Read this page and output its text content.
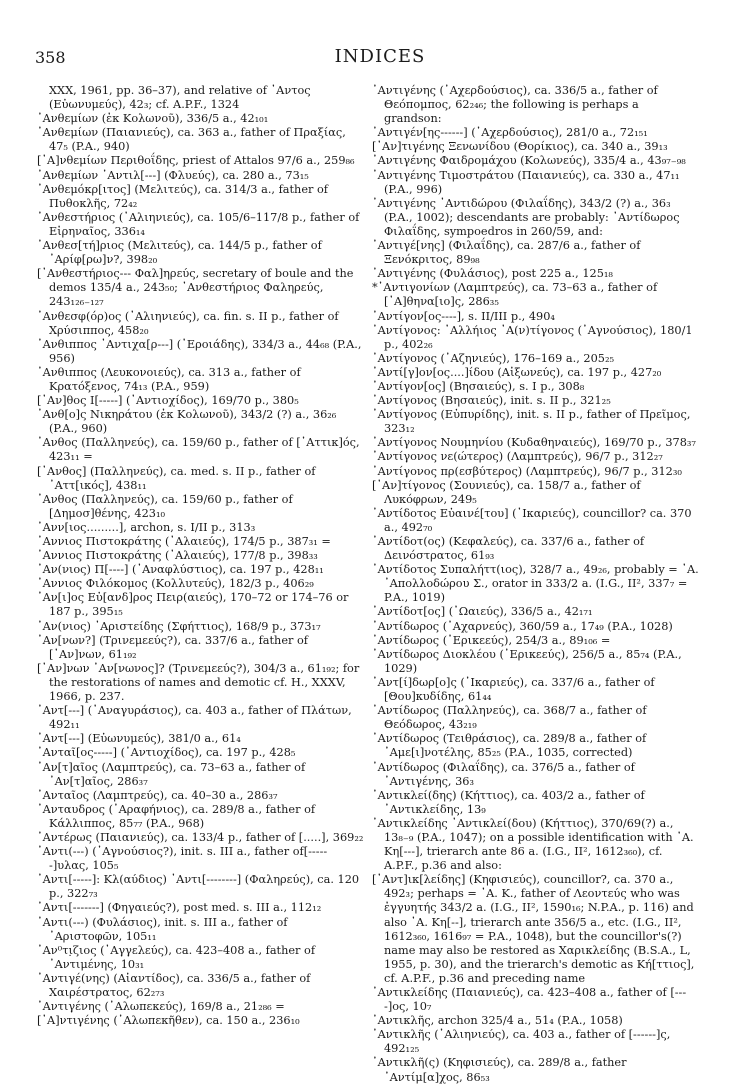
358	INDICES

XXX, 1961, pp. 36–37), and relative of ᾽Αντος (Εὐωνυμεύς), 42₃; cf. A.P.F., 1324

᾽Ανθεμίων (ἐκ Κολωνοῦ), 336/5 a., 42₁₀₁

᾽Ανθεμίων (Παιανιεύς), ca. 363 a., father of Πραξίας, 47₅ (P.A., 940)

[᾽Α]νθεμίων Περιθοΐδης, priest of Attalos 97/6 a., 259₈₆

᾽Ανθεμίων ᾽Αντιλ[---] (Φλυεύς), ca. 280 a., 73₁₅

᾽Ανθεμόκρ[ιτος] (Μελιτεύς), ca. 314/3 a., father of Πυθοκλῆς, 72₄₂

᾽Ανθεστήριος (᾽Αλιηνιεύς), ca. 105/6–117/8 p., father of Εἰρηναῖος, 336₁₄

᾽Ανθεσ[τή]ριος (Μελιτεύς), ca. 144/5 p., father of ᾽Αρίφ[ρω]ν?, 398₂₀

[᾽Ανθεστήριος--- Φαλ]ηρεύς, secretary of boule and the demos 135/4 a., 243₅₀; ᾽Ανθεστήριος Φαληρεύς, 243₁₂₆₋₁₂₇

᾽Ανθεσφ(όρ)ος (᾽Αλιηνιεύς), ca. fin. s. II p., father of Χρύσιππος, 458₂₀

᾽Ανθιππος ᾽Αντιχα[ρ---] (᾽Εροιάδης), 334/3 a., 44₆₈ (P.A., 956)

᾽Ανθιππος (Λευκονοιεύς), ca. 313 a., father of Κρατόξενος, 74₁₃ (P.A., 959)

[᾽Αν]θος Ι[-----] (᾽Αντιοχίδος), 169/70 p., 380₅

᾽Ανθ[ο]ς Νικηράτου (ἐκ Κολωνοῦ), 343/2 (?) a., 36₂₆ (P.A., 960)

᾽Ανθος (Παλληνεύς), ca. 159/60 p., father of [᾽Αττικ]ός, 423₁₁ =

[᾽Ανθος] (Παλληνεύς), ca. med. s. II p., father of ᾽Αττ[ικός], 438₁₁

᾽Ανθος (Παλληνεύς), ca. 159/60 p., father of [Δημοσ]θένης, 423₁₀

᾽Ανν[ιος.........], archon, s. I/II p., 313₃

᾽Αννιος Πιστοκράτης (᾽Αλαιεύς), 174/5 p., 387₃₁ =

᾽Αννιος Πιστοκράτης (᾽Αλαιεύς), 177/8 p., 398₃₃

᾽Αν(νιος) Π[----] (᾽Αναφλύστιος), ca. 197 p., 428₁₁

᾽Αννιος Φιλόκομος (Κολλυτεύς), 182/3 p., 406₂₉

᾽Αν[ι]ος Εὐ[ανδ]ρος Πειρ(αιεύς), 170–72 or 174–76 or 187 p., 395₁₅

᾽Αν(νιος) ᾽Αριστείδης (Σφήττιος), 168/9 p., 373₁₇

᾽Αν[νων?] (Τρινεμεεύς?), ca. 337/6 a., father of [᾽Αν]νων, 61₁₉₂

[᾽Αν]νων ᾽Αν[νωνος]? (Τρινεμεεύς?), 304/3 a., 61₁₉₂; for the restorations of names and demotic cf. H., XXXV, 1966, p. 237.

᾽Αντ[---] (᾽Αναγυράσιος), ca. 403 a., father of Πλάτων, 492₁₁

᾽Αντ[---] (Εὐωνυμεύς), 381/0 a., 61₄

᾽Ανταῖ[ος-----] (᾽Αντιοχίδος), ca. 197 p., 428₅

᾽Αν[τ]αῖος (Λαμπτρεύς), ca. 73–63 a., father of ᾽Αν[τ]αῖος, 286₃₇

᾽Ανταῖος (Λαμπτρεύς), ca. 40–30 a., 286₃₇

᾽Ανταυδρος (᾽Αραφήνιος), ca. 289/8 a., father of Κάλλιππος, 85₇₇ (P.A., 968)

᾽Αντέρως (Παιανιεύς), ca. 133/4 p., father of [.....], 369₂₂

᾽Αντι(---) (᾽Αγνούσιος?), init. s. III a., father of[------]υλας, 105₅

᾽Αντι[-----]: Κλ(αύδιος) ᾽Αντι[--------] (Φαληρεύς), ca. 120 p., 322₇₃

᾽Αντι[-------] (Φηγαιεύς?), post med. s. III a., 112₁₂

᾽Αντι(---) (Φυλάσιος), init. s. III a., father of ᾽Αριστοφῶν, 105₁₁

᾽Αν⁰τι̣ζιος (᾽Αγγελεύς), ca. 423–408 a., father of ᾽Αντιμένης, 10₃₁

᾽Αντιγέ(νης) (Αἰαντίδος), ca. 336/5 a., father of Χαιρέστρατος, 62₂₇₃

᾽Αντιγένης (᾽Αλωπεκεύς), 169/8 a., 21₂₈₆ =

[᾽Α]ντιγένης (᾽Αλωπεκῆθεν), ca. 150 a., 236₁₀

᾽Αντιγένης (᾽Αχερδούσιος), ca. 336/5 a., father of Θεόπομπος, 62₂₄₆; the following is perhaps a grandson:

᾽Αντιγέν[ης------] (᾽Αχερδούσιος), 281/0 a., 72₁₅₁

[᾽Αν]τιγένης Ξενωνίδου (Θορίκιος), ca. 340 a., 39₁₃

᾽Αντιγένης Φαιδρομάχου (Κολωνεύς), 335/4 a., 43₉₇₋₉₈

᾽Αντιγένης Τιμοστράτου (Παιανιεύς), ca. 330 a., 47₁₁ (P.A., 996)

᾽Αντιγένης ᾽Αντιδώρου (Φιλαΐδης), 343/2 (?) a., 36₃ (P.A., 1002); descendants are probably: ᾽Αντίδωρος Φιλαΐδης, sympoedros in 260/59, and:

᾽Αντιγέ[νης] (Φιλαΐδης), ca. 287/6 a., father of Ξενόκριτος, 89₉₈

᾽Αντιγένης (Φυλάσιος), post 225 a., 125₁₈

*᾽Αντιγονίων (Λαμπτρεύς), ca. 73–63 a., father of [᾽Α]θηνα[ιο]ς, 286₃₅

᾽Αντίγον[ος----], s. II/III p., 490₄

᾽Αντίγονος: ᾽Αλλήιος ᾽Α(ν)τίγονος (᾽Αγνούσιος), 180/1 p., 402₂₆

᾽Αντίγονος (᾽Αζηνιεύς), 176–169 a., 205₂₅

᾽Αντί[γ]ον[ος....]ίδου (Αἰξωνεύς), ca. 197 p., 427₂₀

᾽Αντίγον[ος] (Βησαιεύς), s. I p., 308₈

᾽Αντίγονος (Βησαιεύς), init. s. II p., 321₂₅

᾽Αντίγονος (Εὐπυρίδης), init. s. II p., father of Πρεῖμος, 323₁₂

᾽Αντίγονος Νουμηνίου (Κυδαθηναιεύς), 169/70 p., 378₃₇

᾽Αντίγονος νε(ώτερος) (Λαμπτρεύς), 96/7 p., 312₂₇

᾽Αντίγονος πρ(εσβύτερος) (Λαμπτρεύς), 96/7 p., 312₃₀

[᾽Αν]τίγονος (Σουνιεύς), ca. 158/7 a., father of Λυκόφρων, 249₅

᾽Αντίδοτος Εὐαινέ[του] (᾽Ικαριεύς), councillor? ca. 370 a., 492₇₀

᾽Αντίδοτ(ος) (Κεφαλεύς), ca. 337/6 a., father of Δεινόστρατος, 61₉₃

᾽Αντίδοτος Συπαλήττ(ιος), 328/7 a., 49₂₆, probably = ᾽Α. ᾽Απολλοδώρου Σ., orator in 333/2 a. (I.G., II², 337₇ = P.A., 1019)

᾽Αντίδοτ[ος] (᾽Ωαιεύς), 336/5 a., 42₁₇₁

᾽Αντίδωρος (᾽Αχαρνεύς), 360/59 a., 17₄₉ (P.A., 1028)

᾽Αντίδωρος (᾽Ερικεεύς), 254/3 a., 89₁₀₆ =

᾽Αντίδωρος Διοκλέου (᾽Ερικεεύς), 256/5 a., 85₇₄ (P.A., 1029)

᾽Αντ[ί]δωρ[ο]ς (᾽Ικαριεύς), ca. 337/6 a., father of [Θου]κυδίδης, 61₄₄

᾽Αντίδωρος (Παλληνεύς), ca. 368/7 a., father of Θεόδωρος, 43₂₁₉

᾽Αντίδωρος (Τειθράσιος), ca. 289/8 a., father of ᾽Αμε[ι]νοτέλης, 85₂₅ (P.A., 1035, corrected)

᾽Αντίδωρος (Φιλαΐδης), ca. 376/5 a., father of ᾽Αντιγένης, 36₃

᾽Αντικλεί(δης) (Κήττιος), ca. 403/2 a., father of ᾽Αντικλείδης, 13₉

᾽Αντικλείδης ᾽Αντικλεί(δου) (Κήττιος), 370/69(?) a., 13₈₋₉ (P.A., 1047); on a possible identification with ᾽Α. Κη[---], trierarch ante 86 a. (I.G., II², 1612₃₆₀), cf. A.P.F., p.36 and also:

[᾽Αντ]ικ[λείδης] (Κηφισιεύς), councillor?, ca. 370 a., 492₃; perhaps = ᾽Α. Κ., father of Λεοντεύς who was ἐγγυητής 343/2 a. (I.G., II², 1590₁₆; N.P.A., p. 116) and also ᾽Α. Κη[--], trierarch ante 356/5 a., etc. (I.G., II², 1612₃₆₀, 1616₉₇ = P.A., 1048), but the councillor's(?) name may also be restored as Χαρικλείδης (B.S.A., L, 1955, p. 30), and the trierarch's demotic as Κή[ττιος], cf. A.P.F., p.36 and preceding name

᾽Αντικλείδης (Παιανιεύς), ca. 423–408 a., father of [----]ος, 10₇

᾽Αντικλῆς, archon 325/4 a., 51₄ (P.A., 1058)

᾽Αντικλῆς (᾽Αλιηνιεύς), ca. 403 a., father of [------]ς, 492₁₂₅

᾽Αντικλῆ(ς) (Κηφισιεύς), ca. 289/8 a., father ᾽Αντίμ[α]χος, 86₅₃
